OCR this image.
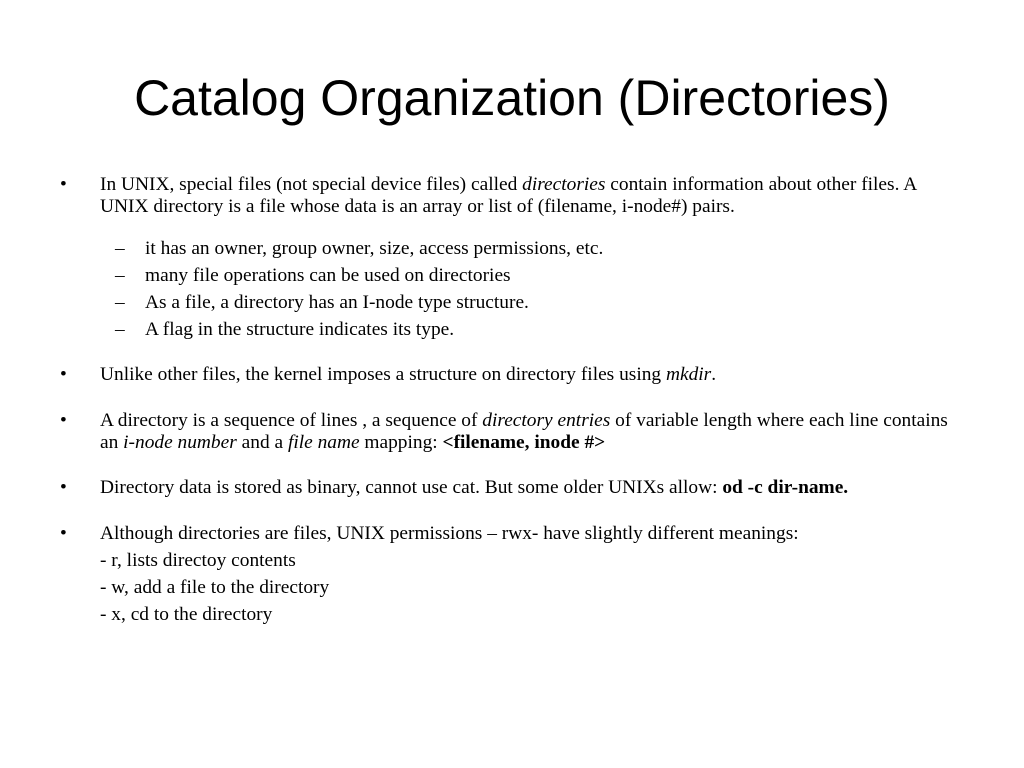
Catalog Organization (Directories)
• In UNIX, special files (not special device files) called directories contain information about other files. A UNIX directory is a file whose data is an array or list of (filename, i-node#) pairs.
– it has an owner, group owner, size, access permissions, etc.
– many file operations can be used on directories
– As a file, a directory has an I-node type structure.
– A flag in the structure indicates its type.
• Unlike other files, the kernel imposes a structure on directory files using mkdir.
• A directory is a sequence of lines , a sequence of directory entries of variable length where each line contains an i-node number and a file name mapping: <filename, inode #>
• Directory data is stored as binary, cannot use cat. But some older UNIXs allow: od -c dir-name.
• Although directories are files, UNIX permissions – rwx- have slightly different meanings:
- r, lists directoy contents
- w, add a file to the directory
- x, cd to the directory
